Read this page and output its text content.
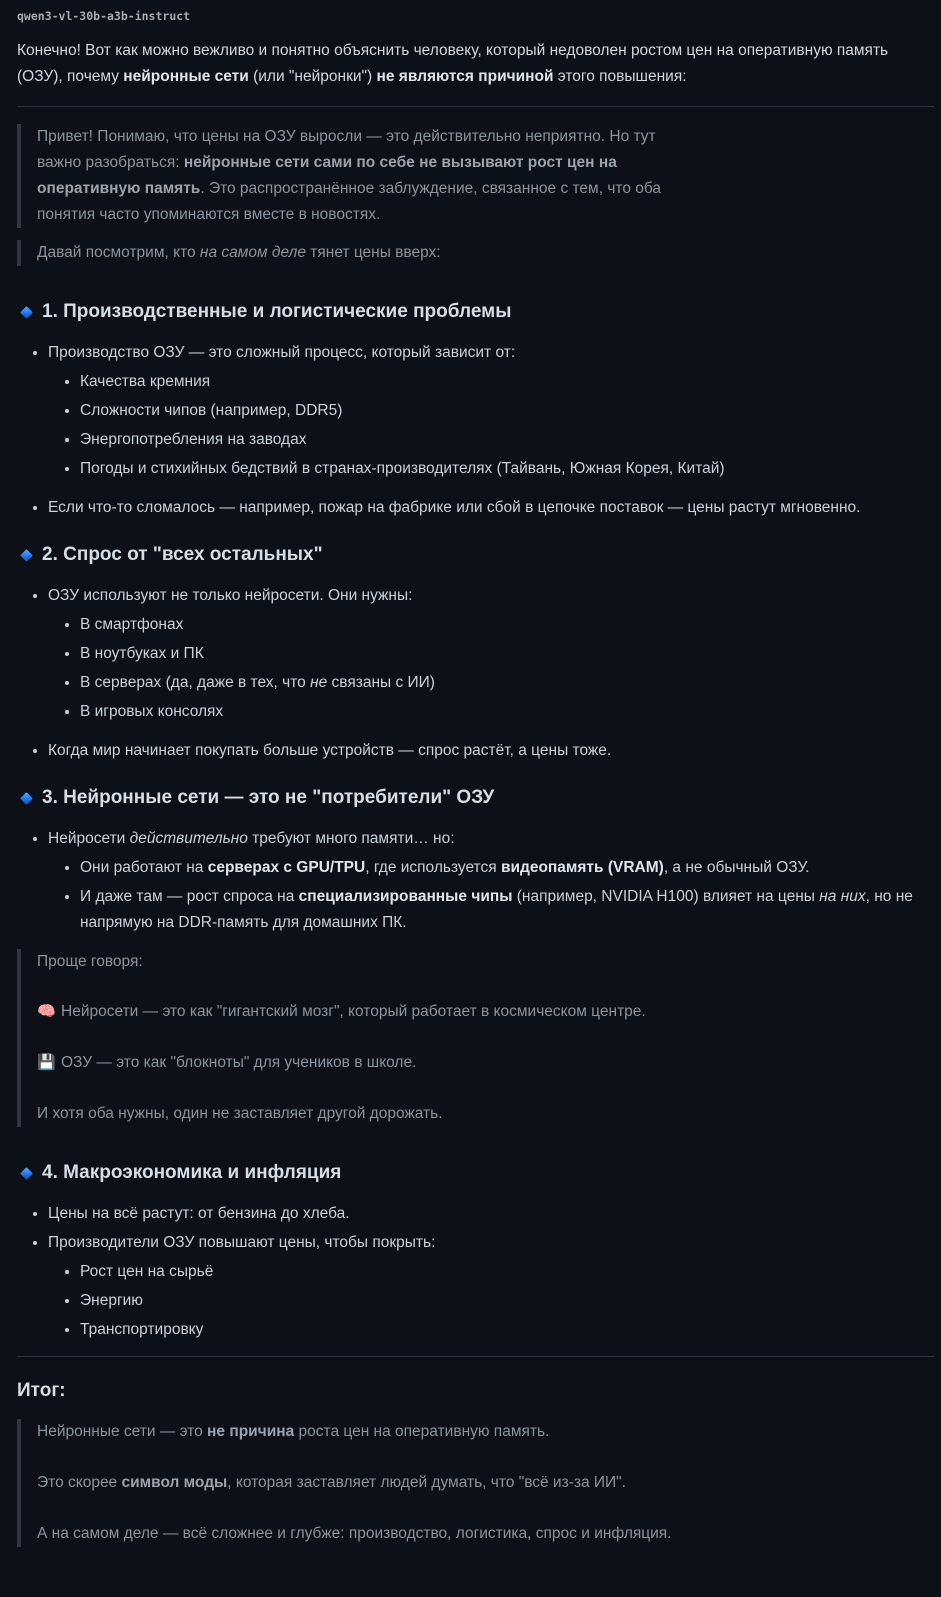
qwen3-vl-30b-a3b-instruct

Конечно! Вот как можно вежливо и понятно объяснить человеку, который недоволен ростом цен на оперативную память (ОЗУ), почему нейронные сети (или "нейронки") не являются причиной этого повышения:

Привет! Понимаю, что цены на ОЗУ выросли — это действительно неприятно. Но тут важно разобраться: нейронные сети сами по себе не вызывают рост цен на оперативную память. Это распространённое заблуждение, связанное с тем, что оба понятия часто упоминаются вместе в новостях.

Давай посмотрим, кто на самом деле тянет цены вверх:

1. Производственные и логистические проблемы
• Производство ОЗУ — это сложный процесс, который зависит от:
• Качества кремния
• Сложности чипов (например, DDR5)
• Энергопотребления на заводах
• Погоды и стихийных бедствий в странах-производителях (Тайвань, Южная Корея, Китай)
• Если что-то сломалось — например, пожар на фабрике или сбой в цепочке поставок — цены растут мгновенно.
2. Спрос от "всех остальных"
• ОЗУ используют не только нейросети. Они нужны:
• В смартфонах
• В ноутбуках и ПК
• В серверах (да, даже в тех, что не связаны с ИИ)
• В игровых консолях
• Когда мир начинает покупать больше устройств — спрос растёт, а цены тоже.
3. Нейронные сети — это не "потребители" ОЗУ
• Нейросети действительно требуют много памяти… но:
• Они работают на серверах с GPU/TPU, где используется видеопамять (VRAM), а не обычный ОЗУ.
• И даже там — рост спроса на специализированные чипы (например, NVIDIA H100) влияет на цены на них, но не напрямую на DDR-память для домашних ПК.

Проще говоря:

🧠 Нейросети — это как "гигантский мозг", который работает в космическом центре.

💾 ОЗУ — это как "блокноты" для учеников в школе.

И хотя оба нужны, один не заставляет другой дорожать.

4. Макроэкономика и инфляция
• Цены на всё растут: от бензина до хлеба.
• Производители ОЗУ повышают цены, чтобы покрыть:
• Рост цен на сырьё
• Энергию
• Транспортировку
Итог:

Нейронные сети — это не причина роста цен на оперативную память.

Это скорее символ моды, которая заставляет людей думать, что "всё из-за ИИ".

А на самом деле — всё сложнее и глубже: производство, логистика, спрос и инфляция.
